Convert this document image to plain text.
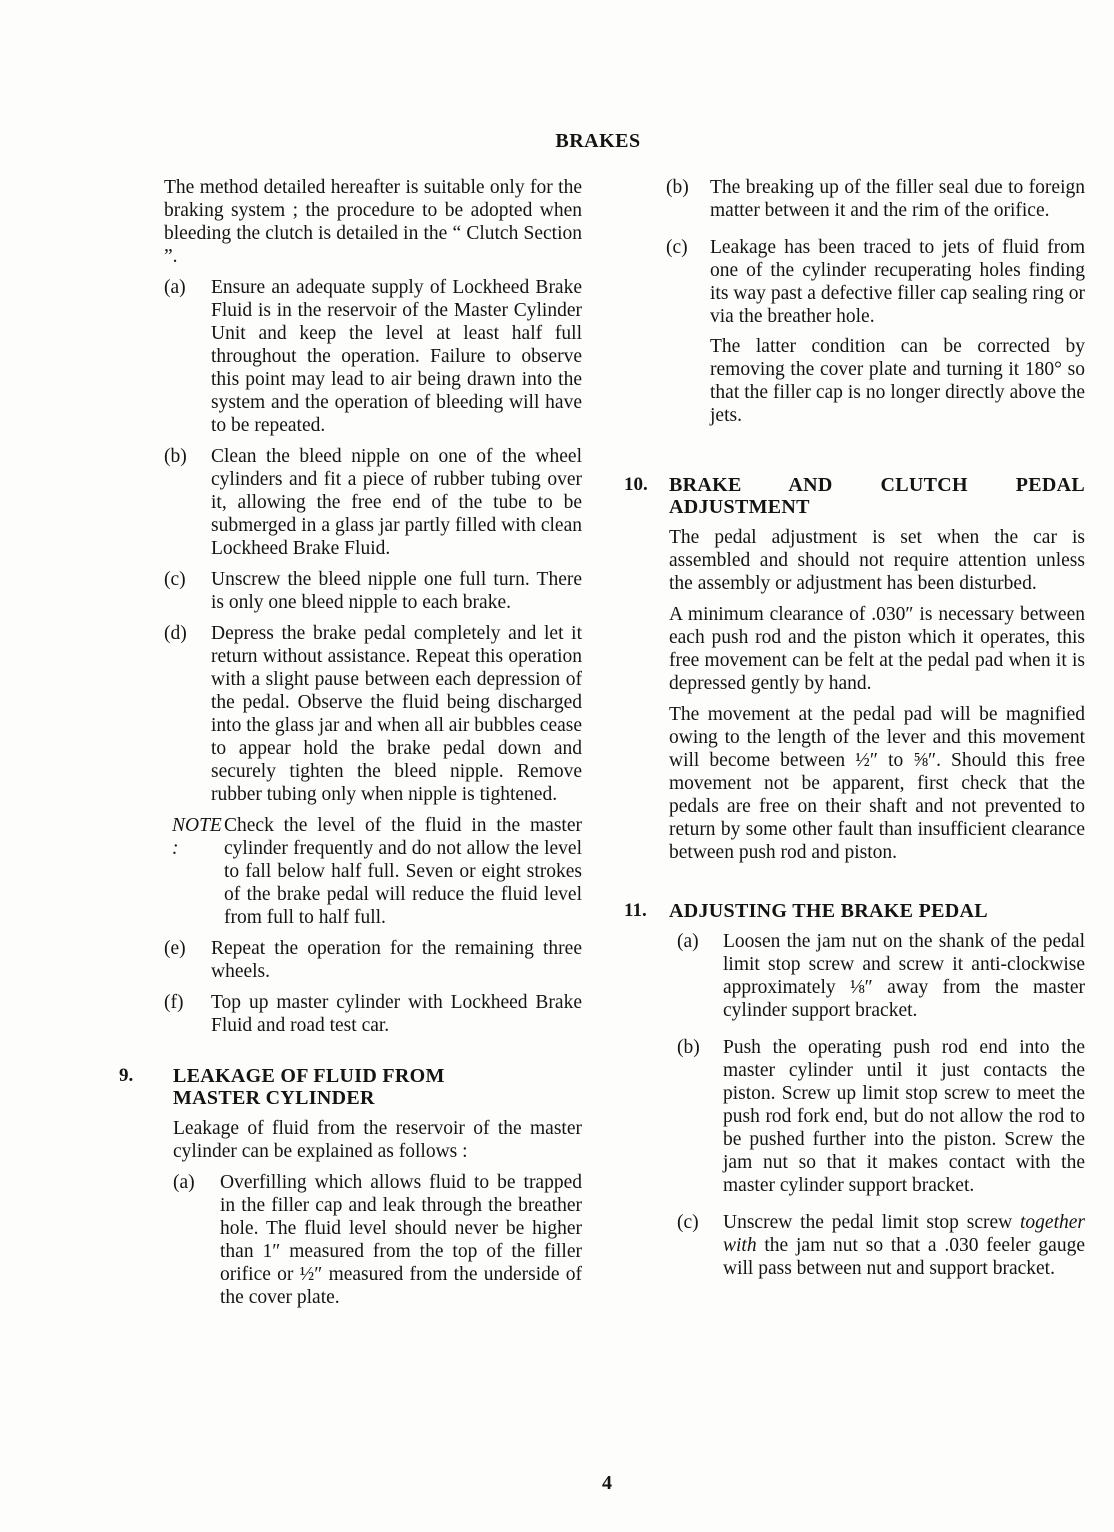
BRAKES

The method detailed hereafter is suitable only for the braking system ; the procedure to be adopted when bleeding the clutch is detailed in the “ Clutch Section ”.

(a)	Ensure an adequate supply of Lockheed Brake Fluid is in the reservoir of the Master Cylinder Unit and keep the level at least half full throughout the operation. Failure to observe this point may lead to air being drawn into the system and the operation of bleeding will have to be repeated.
(b)	Clean the bleed nipple on one of the wheel cylinders and fit a piece of rubber tubing over it, allowing the free end of the tube to be submerged in a glass jar partly filled with clean Lockheed Brake Fluid.
(c)	Unscrew the bleed nipple one full turn. There is only one bleed nipple to each brake.
(d)	Depress the brake pedal completely and let it return without assistance. Repeat this operation with a slight pause between each depression of the pedal. Observe the fluid being discharged into the glass jar and when all air bubbles cease to appear hold the brake pedal down and securely tighten the bleed nipple. Remove rubber tubing only when nipple is tightened.
NOTE :
Check the level of the fluid in the master cylinder frequently and do not allow the level to fall below half full. Seven or eight strokes of the brake pedal will reduce the fluid level from full to half full.
(e)	Repeat the operation for the remaining three wheels.
(f)	Top up master cylinder with Lockheed Brake Fluid and road test car.
9. LEAKAGE OF FLUID FROM
MASTER CYLINDER

Leakage of fluid from the reservoir of the master cylinder can be explained as follows :

(a)	Overfilling which allows fluid to be trapped in the filler cap and leak through the breather hole. The fluid level should never be higher than 1″ measured from the top of the filler orifice or ½″ measured from the underside of the cover plate.
(b)	The breaking up of the filler seal due to foreign matter between it and the rim of the orifice.
(c)	Leakage has been traced to jets of fluid from one of the cylinder recuperating holes finding its way past a defective filler cap sealing ring or via the breather hole.

The latter condition can be corrected by removing the cover plate and turning it 180° so that the filler cap is no longer directly above the jets.

10. BRAKE AND CLUTCH PEDAL
ADJUSTMENT

The pedal adjustment is set when the car is assembled and should not require attention unless the assembly or adjustment has been disturbed.

A minimum clearance of .030″ is necessary between each push rod and the piston which it operates, this free movement can be felt at the pedal pad when it is depressed gently by hand.

The movement at the pedal pad will be magnified owing to the length of the lever and this movement will become between ½″ to ⅝″. Should this free movement not be apparent, first check that the pedals are free on their shaft and not prevented to return by some other fault than insufficient clearance between push rod and piston.

11. ADJUSTING THE BRAKE PEDAL
(a)	Loosen the jam nut on the shank of the pedal limit stop screw and screw it anti-clockwise approximately ⅛″ away from the master cylinder support bracket.
(b)	Push the operating push rod end into the master cylinder until it just contacts the piston. Screw up limit stop screw to meet the push rod fork end, but do not allow the rod to be pushed further into the piston. Screw the jam nut so that it makes contact with the master cylinder support bracket.
(c)	Unscrew the pedal limit stop screw together with the jam nut so that a .030 feeler gauge will pass between nut and support bracket.
4
